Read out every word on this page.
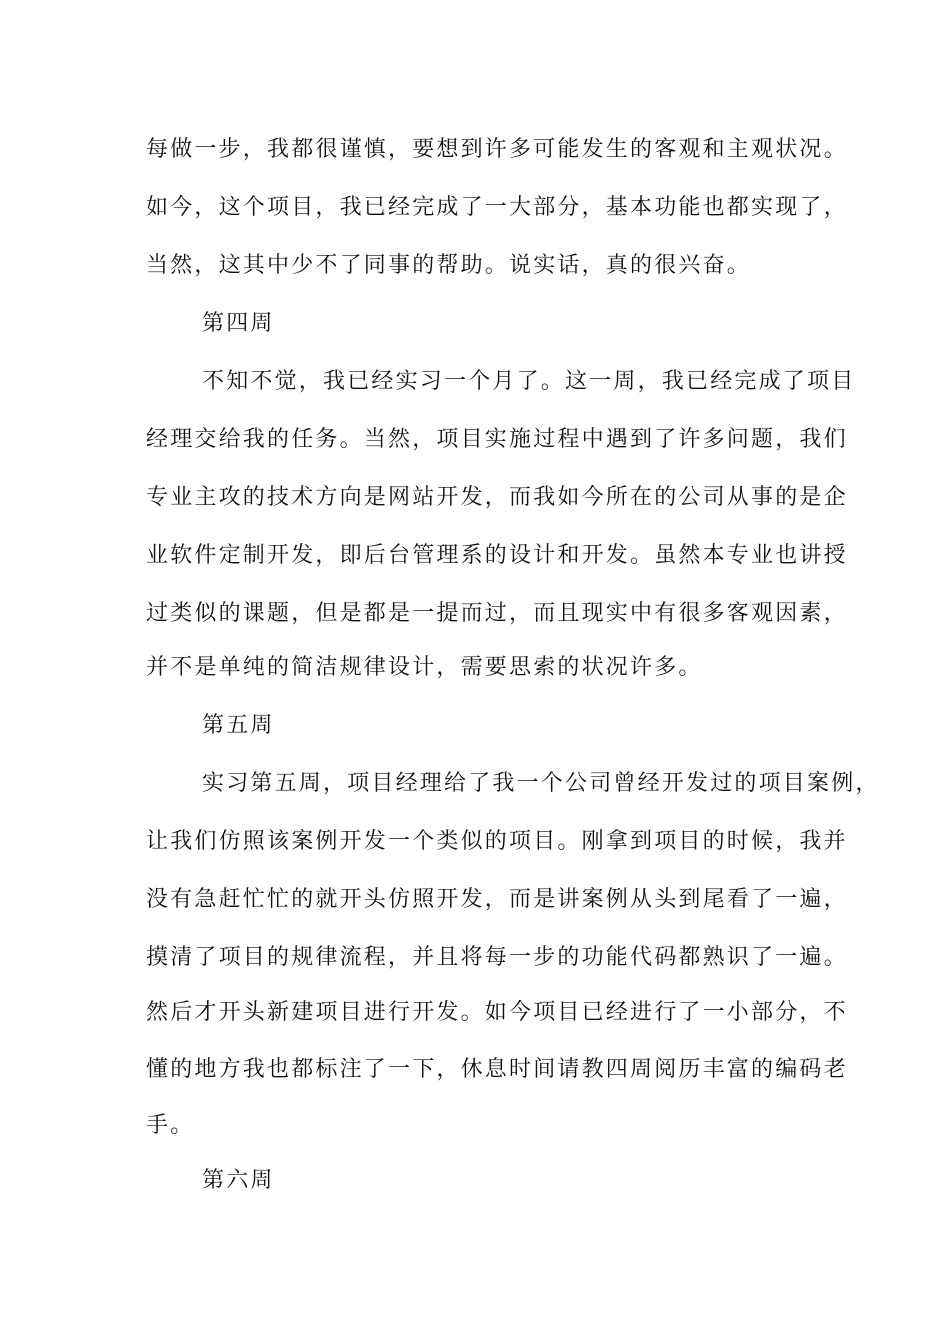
每做一步，我都很谨慎，要想到许多可能发生的客观和主观状况。
如今，这个项目，我已经完成了一大部分，基本功能也都实现了，
当然，这其中少不了同事的帮助。说实话，真的很兴奋。
第四周
不知不觉，我已经实习一个月了。这一周，我已经完成了项目
经理交给我的任务。当然，项目实施过程中遇到了许多问题，我们
专业主攻的技术方向是网站开发，而我如今所在的公司从事的是企
业软件定制开发，即后台管理系的设计和开发。虽然本专业也讲授
过类似的课题，但是都是一提而过，而且现实中有很多客观因素，
并不是单纯的简洁规律设计，需要思索的状况许多。
第五周
实习第五周，项目经理给了我一个公司曾经开发过的项目案例，
让我们仿照该案例开发一个类似的项目。刚拿到项目的时候，我并
没有急赶忙忙的就开头仿照开发，而是讲案例从头到尾看了一遍，
摸清了项目的规律流程，并且将每一步的功能代码都熟识了一遍。
然后才开头新建项目进行开发。如今项目已经进行了一小部分，不
懂的地方我也都标注了一下，休息时间请教四周阅历丰富的编码老
手。
第六周
